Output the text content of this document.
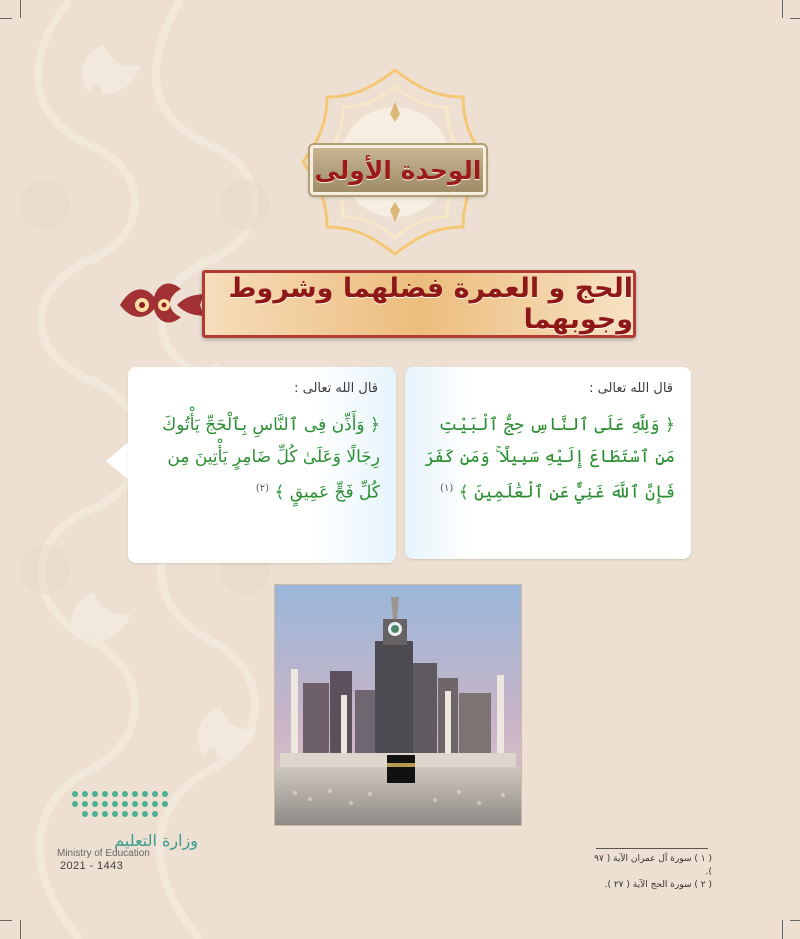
الوحدة الأولى
الحج و العمرة فضلهما وشروط وجوبهما
قال الله تعالى :
﴿ وَأَذِّن فِى ٱلنَّاسِ بِٱلْحَجِّ يَأْتُوكَ رِجَالًا وَعَلَىٰ كُلِّ ضَامِرٍ يَأْتِينَ مِن كُلِّ فَجٍّ عَمِيقٍ ﴾ $^{(٢)}$
قال الله تعالى :
﴿ وَلِلَّهِ عَلَى ٱلنَّاسِ حِجُّ ٱلْبَيْتِ مَنِ ٱسْتَطَاعَ إِلَيْهِ سَبِيلًا ۚ وَمَن كَفَرَ فَإِنَّ ٱللَّهَ غَنِيٌّ عَنِ ٱلْعَٰلَمِينَ ﴾ $^{(١)}$
وزارة التعليم
Ministry of Education
2021 - 1443
( ١ ) سورة آل عمران الآية ( ٩٧ ).
( ٢ ) سورة الحج الآية ( ٢٧ ).
